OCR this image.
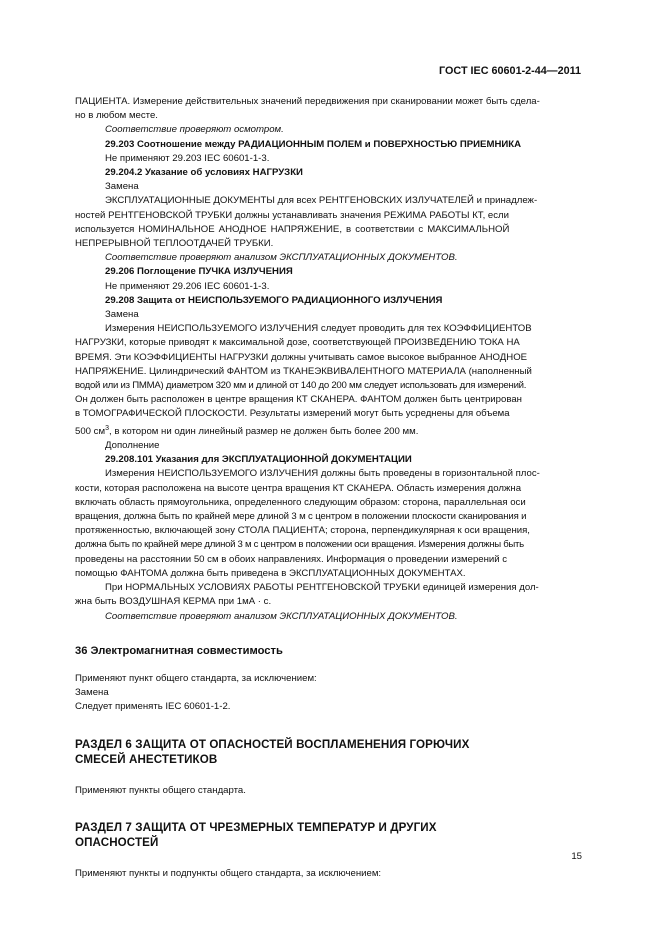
ГОСТ IEC 60601-2-44—2011

ПАЦИЕНТА. Измерение действительных значений передвижения при сканировании может быть сдела-

но в любом месте.

Соответствие проверяют осмотром.

29.203 Соотношение между РАДИАЦИОННЫМ ПОЛЕМ и ПОВЕРХНОСТЬЮ ПРИЕМНИКА

Не применяют 29.203 IEC 60601-1-3.

29.204.2 Указание об условиях НАГРУЗКИ

Замена

ЭКСПЛУАТАЦИОННЫЕ ДОКУМЕНТЫ для всех РЕНТГЕНОВСКИХ ИЗЛУЧАТЕЛЕЙ и принадлеж-

ностей РЕНТГЕНОВСКОЙ ТРУБКИ должны устанавливать значения РЕЖИМА РАБОТЫ КТ, если

используется НОМИНАЛЬНОЕ АНОДНОЕ НАПРЯЖЕНИЕ, в соответствии с МАКСИМАЛЬНОЙ

НЕПРЕРЫВНОЙ ТЕПЛООТДАЧЕЙ ТРУБКИ.

Соответствие проверяют анализом ЭКСПЛУАТАЦИОННЫХ ДОКУМЕНТОВ.

29.206 Поглощение ПУЧКА ИЗЛУЧЕНИЯ

Не применяют 29.206 IEC 60601-1-3.

29.208 Защита от НЕИСПОЛЬЗУЕМОГО РАДИАЦИОННОГО ИЗЛУЧЕНИЯ

Замена

Измерения НЕИСПОЛЬЗУЕМОГО ИЗЛУЧЕНИЯ следует проводить для тех КОЭФФИЦИЕНТОВ

НАГРУЗКИ, которые приводят к максимальной дозе, соответствующей ПРОИЗВЕДЕНИЮ ТОКА НА

ВРЕМЯ. Эти КОЭФФИЦИЕНТЫ НАГРУЗКИ должны учитывать самое высокое выбранное АНОДНОЕ

НАПРЯЖЕНИЕ. Цилиндрический ФАНТОМ из ТКАНЕЭКВИВАЛЕНТНОГО МАТЕРИАЛА (наполненный

водой или из ПММА) диаметром 320 мм и длиной от 140 до 200 мм следует использовать для измерений.

Он должен быть расположен в центре вращения КТ СКАНЕРА. ФАНТОМ должен быть центрирован

в ТОМОГРАФИЧЕСКОЙ ПЛОСКОСТИ. Результаты измерений могут быть усреднены для объема

500 $см^3$, в котором ни один линейный размер не должен быть более 200 мм.

Дополнение

29.208.101 Указания для ЭКСПЛУАТАЦИОННОЙ ДОКУМЕНТАЦИИ

Измерения НЕИСПОЛЬЗУЕМОГО ИЗЛУЧЕНИЯ должны быть проведены в горизонтальной плос-

кости, которая расположена на высоте центра вращения КТ СКАНЕРА. Область измерения должна

включать область прямоугольника, определенного следующим образом: сторона, параллельная оси

вращения, должна быть по крайней мере длиной 3 м с центром в положении плоскости сканирования и

протяженностью, включающей зону СТОЛА ПАЦИЕНТА; сторона, перпендикулярная к оси вращения,

должна быть по крайней мере длиной 3 м с центром в положении оси вращения. Измерения должны быть

проведены на расстоянии 50 см в обоих направлениях. Информация о проведении измерений с

помощью ФАНТОМА должна быть приведена в ЭКСПЛУАТАЦИОННЫХ ДОКУМЕНТАХ.

При НОРМАЛЬНЫХ УСЛОВИЯХ РАБОТЫ РЕНТГЕНОВСКОЙ ТРУБКИ единицей измерения дол-

жна быть ВОЗДУШНАЯ КЕРМА при 1мА · с.

Соответствие проверяют анализом ЭКСПЛУАТАЦИОННЫХ ДОКУМЕНТОВ.

36 Электромагнитная совместимость

Применяют пункт общего стандарта, за исключением:

Замена

Следует применять IEC 60601-1-2.

РАЗДЕЛ 6 ЗАЩИТА ОТ ОПАСНОСТЕЙ ВОСПЛАМЕНЕНИЯ ГОРЮЧИХ
СМЕСЕЙ АНЕСТЕТИКОВ

Применяют пункты общего стандарта.

РАЗДЕЛ 7 ЗАЩИТА ОТ ЧРЕЗМЕРНЫХ ТЕМПЕРАТУР И ДРУГИХ
ОПАСНОСТЕЙ

Применяют пункты и подпункты общего стандарта, за исключением:

15
